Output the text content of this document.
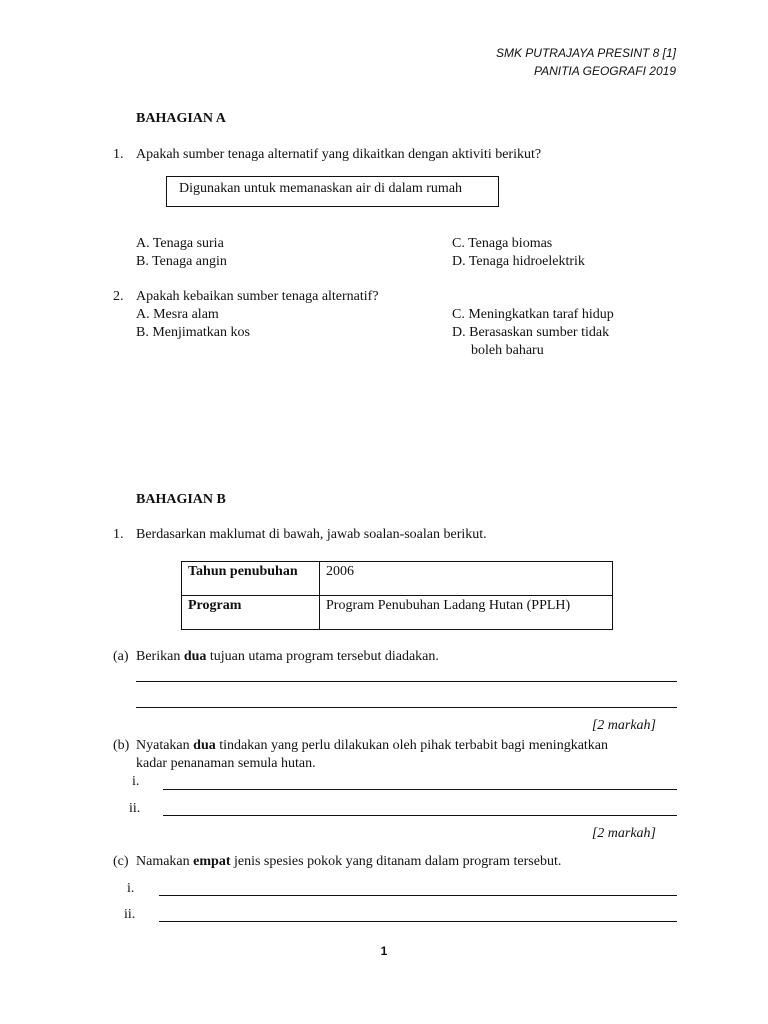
SMK PUTRAJAYA PRESINT 8 [1]
PANITIA GEOGRAFI 2019
BAHAGIAN A
1. Apakah sumber tenaga alternatif yang dikaitkan dengan aktiviti berikut?
Digunakan untuk memanaskan air di dalam rumah
A. Tenaga suria
B. Tenaga angin
C. Tenaga biomas
D. Tenaga hidroelektrik
2. Apakah kebaikan sumber tenaga alternatif?
A. Mesra alam
B. Menjimatkan kos
C. Meningkatkan taraf hidup
D. Berasaskan sumber tidak
boleh baharu
BAHAGIAN B
1. Berdasarkan maklumat di bawah, jawab soalan-soalan berikut.
Tahun penubuhan	2006
Program	Program Penubuhan Ladang Hutan (PPLH)
(a) Berikan dua tujuan utama program tersebut diadakan.
[2 markah]
(b) Nyatakan dua tindakan yang perlu dilakukan oleh pihak terbabit bagi meningkatkan
kadar penanaman semula hutan.
i.
ii.
[2 markah]
(c) Namakan empat jenis spesies pokok yang ditanam dalam program tersebut.
i.
ii.
1
